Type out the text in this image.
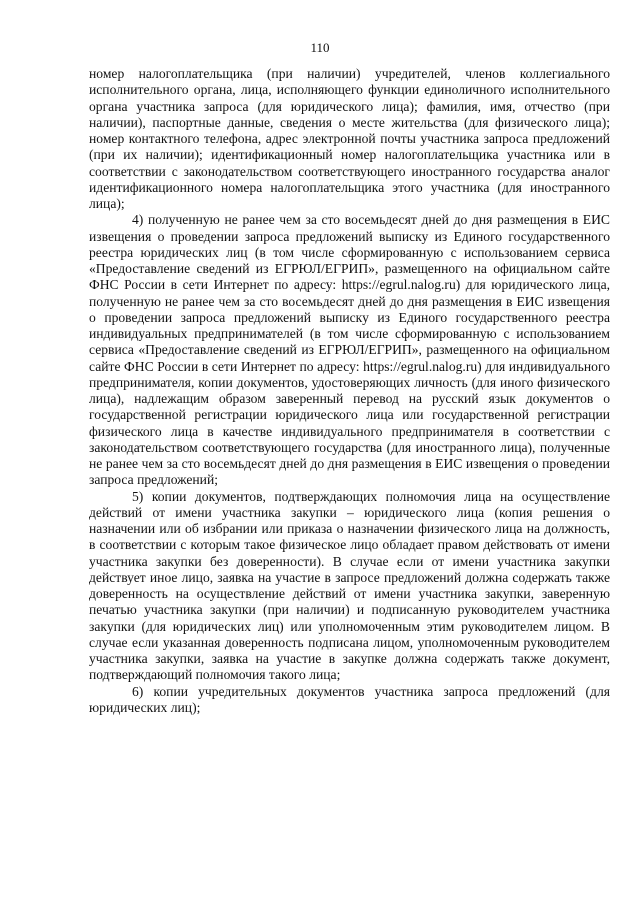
110

номер налогоплательщика (при наличии) учредителей, членов коллегиального исполнительного органа, лица, исполняющего функции единоличного исполнительного органа участника запроса (для юридического лица); фамилия, имя, отчество (при наличии), паспортные данные, сведения о месте жительства (для физического лица); номер контактного телефона, адрес электронной почты участника запроса предложений (при их наличии); идентификационный номер налогоплательщика участника или в соответствии с законодательством соответствующего иностранного государства аналог идентификационного номера налогоплательщика этого участника (для иностранного лица);

4) полученную не ранее чем за сто восемьдесят дней до дня размещения в ЕИС извещения о проведении запроса предложений выписку из Единого государственного реестра юридических лиц (в том числе сформированную с использованием сервиса «Предоставление сведений из ЕГРЮЛ/ЕГРИП», размещенного на официальном сайте ФНС России в сети Интернет по адресу: https://egrul.nalog.ru) для юридического лица, полученную не ранее чем за сто восемьдесят дней до дня размещения в ЕИС извещения о проведении запроса предложений выписку из Единого государственного реестра индивидуальных предпринимателей (в том числе сформированную с использованием сервиса «Предоставление сведений из ЕГРЮЛ/ЕГРИП», размещенного на официальном сайте ФНС России в сети Интернет по адресу: https://egrul.nalog.ru) для индивидуального предпринимателя, копии документов, удостоверяющих личность (для иного физического лица), надлежащим образом заверенный перевод на русский язык документов о государственной регистрации юридического лица или государственной регистрации физического лица в качестве индивидуального предпринимателя в соответствии с законодательством соответствующего государства (для иностранного лица), полученные не ранее чем за сто восемьдесят дней до дня размещения в ЕИС извещения о проведении запроса предложений;

5) копии документов, подтверждающих полномочия лица на осуществление действий от имени участника закупки – юридического лица (копия решения о назначении или об избрании или приказа о назначении физического лица на должность, в соответствии с которым такое физическое лицо обладает правом действовать от имени участника закупки без доверенности). В случае если от имени участника закупки действует иное лицо, заявка на участие в запросе предложений должна содержать также доверенность на осуществление действий от имени участника закупки, заверенную печатью участника закупки (при наличии) и подписанную руководителем участника закупки (для юридических лиц) или уполномоченным этим руководителем лицом. В случае если указанная доверенность подписана лицом, уполномоченным руководителем участника закупки, заявка на участие в закупке должна содержать также документ, подтверждающий полномочия такого лица;

6) копии учредительных документов участника запроса предложений (для юридических лиц);
